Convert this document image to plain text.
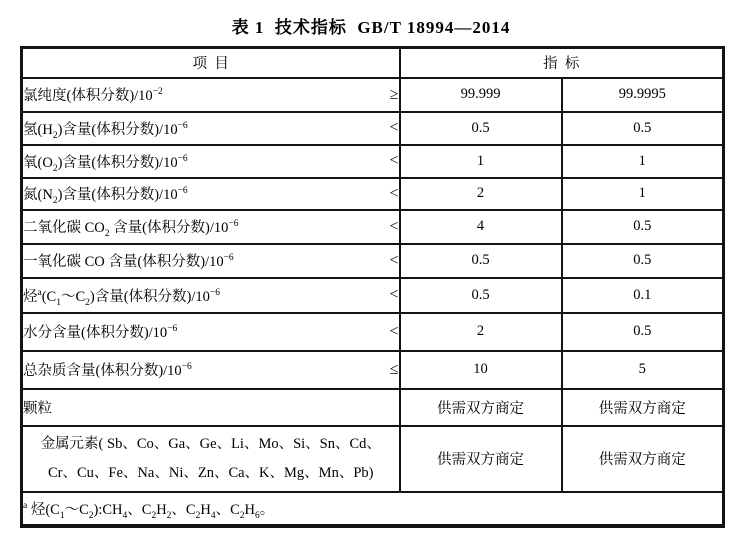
表 1  技术指标  GB/T 18994—2014
项  目	指  标	

氯纯度(体积分数)$/10^{-2}$ ≥	99.999	99.9995

氢$(H_2)$含量(体积分数)$/10^{-6}$ <	0.5	0.5

氧$(O_2)$含量(体积分数)$/10^{-6}$ <	1	1

氮$(N_2)$含量(体积分数)$/10^{-6}$ <	2	1

二氧化碳 $CO_2$ 含量(体积分数)$/10^{-6}$ <	4	0.5

一氧化碳 CO 含量(体积分数)$/10^{-6}$ <	0.5	0.5

烃$^a(C_1\sim C_2)$含量(体积分数)$/10^{-6}$ <	0.5	0.1

水分含量(体积分数)$/10^{-6}$ <	2	0.5

总杂质含量(体积分数)$/10^{-6}$ ≤	10	5

颗粒	供需双方商定	供需双方商定
金属元素( Sb、Co、Ga、Ge、Li、Mo、Si、Sn、Cd、
Cr、Cu、Fe、Na、Ni、Zn、Ca、K、Mg、Mn、Pb)	供需双方商定	供需双方商定
$^a$ 烃$(C_1\sim C_2):CH_4$、$C_2H_2$、$C_2H_4$、$C_2H_6$。		
